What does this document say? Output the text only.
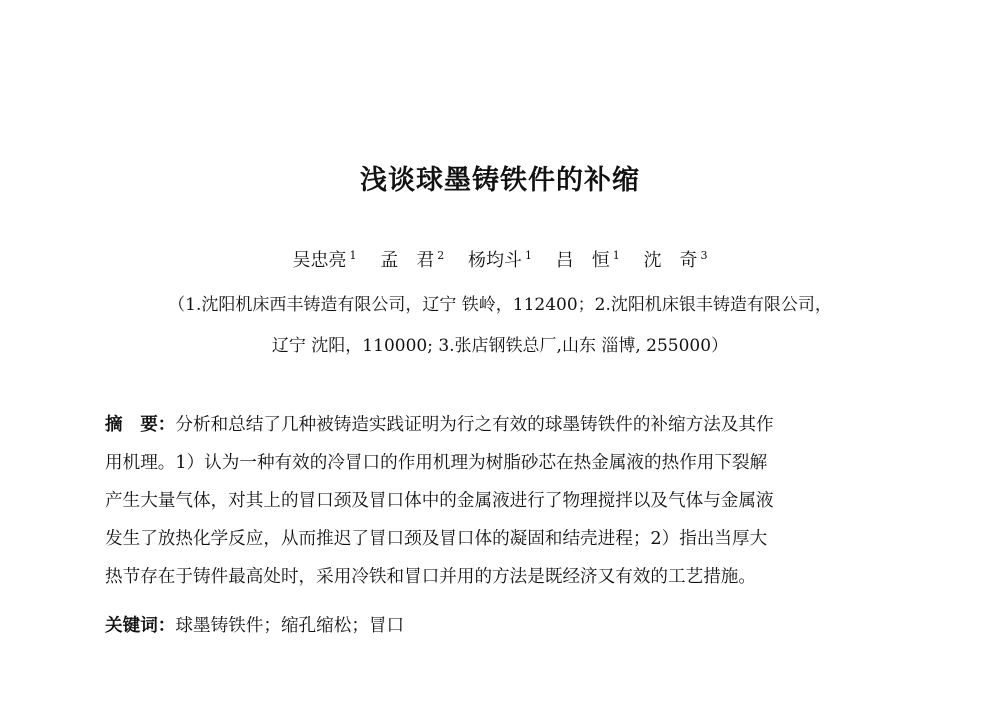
浅谈球墨铸铁件的补缩
吴忠亮 $^1$ 孟　君 $^2$ 杨均斗 $^1$ 吕　恒 $^1$ 沈　奇 $^3$
（1.沈阳机床西丰铸造有限公司，辽宁 铁岭，112400；2.沈阳机床银丰铸造有限公司，
辽宁 沈阳，110000; 3.张店钢铁总厂,山东 淄博, 255000）
摘　要：分析和总结了几种被铸造实践证明为行之有效的球墨铸铁件的补缩方法及其作
用机理。1）认为一种有效的冷冒口的作用机理为树脂砂芯在热金属液的热作用下裂解
产生大量气体，对其上的冒口颈及冒口体中的金属液进行了物理搅拌以及气体与金属液
发生了放热化学反应，从而推迟了冒口颈及冒口体的凝固和结壳进程；2）指出当厚大
热节存在于铸件最高处时，采用冷铁和冒口并用的方法是既经济又有效的工艺措施。
关键词：球墨铸铁件；缩孔缩松；冒口
